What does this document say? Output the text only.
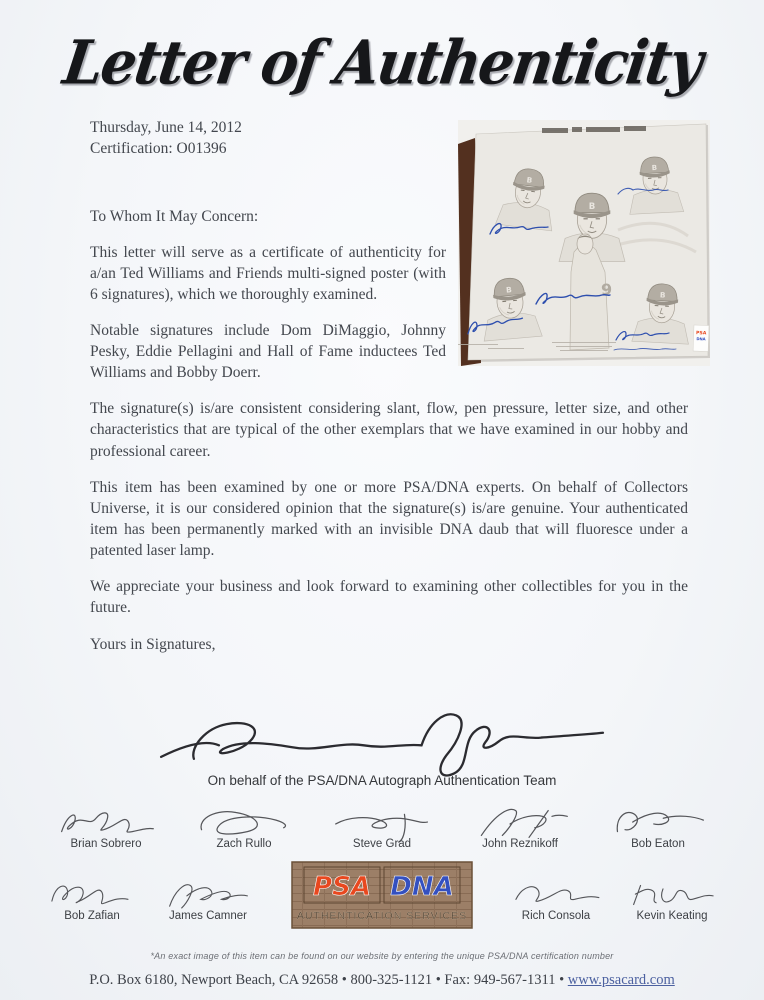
Letter of Authenticity
B
9
PSA
DNA
Thursday, June 14, 2012
Certification: O01396

To Whom It May Concern:

This letter will serve as a certificate of authenticity for a/an Ted Williams and Friends multi-signed poster (with 6 signatures), which we thoroughly examined.

Notable signatures include Dom DiMaggio, Johnny Pesky, Eddie Pellagini and Hall of Fame inductees Ted Williams and Bobby Doerr.

The signature(s) is/are consistent considering slant, flow, pen pressure, letter size, and other characteristics that are typical of the other exemplars that we have examined in our hobby and professional career.

This item has been examined by one or more PSA/DNA experts. On behalf of Collectors Universe, it is our considered opinion that the signature(s) is/are genuine. Your authenticated item has been permanently marked with an invisible DNA daub that will fluoresce under a patented laser lamp.

We appreciate your business and look forward to examining other collectibles for you in the future.

Yours in Signatures,

On behalf of the PSA/DNA Autograph Authentication Team
Brian Sobrero	Zach Rullo	Steve Grad	John Reznikoff	Bob Eaton
Bob Zafian	James Camner
PSA DNA
AUTHENTICATION SERVICES	Rich Consola	Kevin Keating
*An exact image of this item can be found on our website by entering the unique PSA/DNA certification number
P.O. Box 6180, Newport Beach, CA 92658 • 800-325-1121 • Fax: 949-567-1311 • www.psacard.com
